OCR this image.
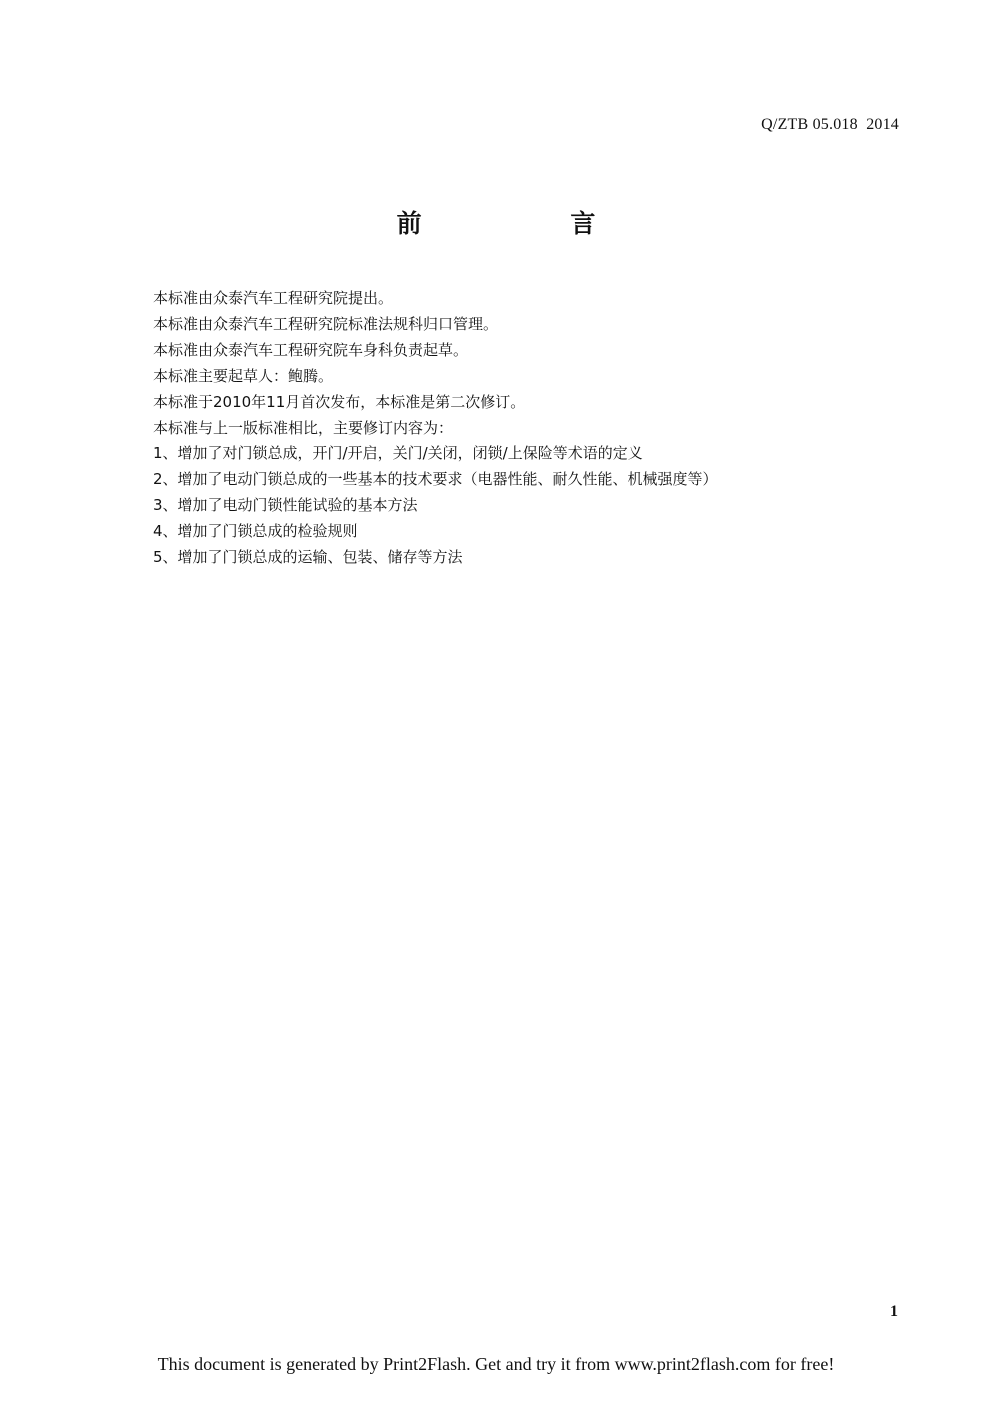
Q/ZTB 05.018  2014
前 言
本标准由众泰汽车工程研究院提出。
本标准由众泰汽车工程研究院标准法规科归口管理。
本标准由众泰汽车工程研究院车身科负责起草。
本标准主要起草人：鲍腾。
本标准于2010年11月首次发布，本标准是第二次修订。
本标准与上一版标准相比，主要修订内容为：
1、增加了对门锁总成，开门/开启，关门/关闭，闭锁/上保险等术语的定义
2、增加了电动门锁总成的一些基本的技术要求（电器性能、耐久性能、机械强度等）
3、增加了电动门锁性能试验的基本方法
4、增加了门锁总成的检验规则
5、增加了门锁总成的运输、包装、储存等方法
1
This document is generated by Print2Flash. Get and try it from www.print2flash.com for free!
